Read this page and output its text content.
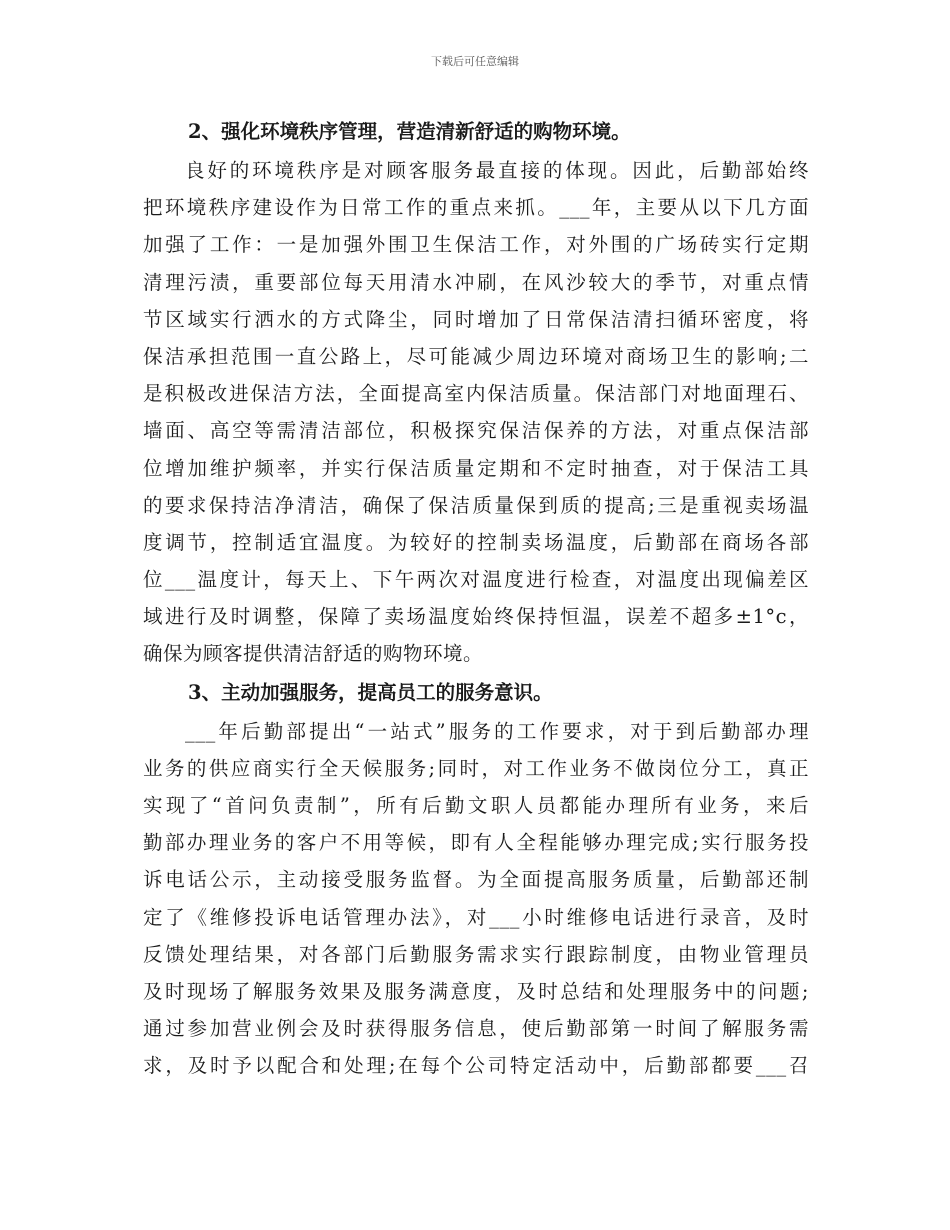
下载后可任意编辑

2、强化环境秩序管理，营造清新舒适的购物环境。

良好的环境秩序是对顾客服务最直接的体现。因此，后勤部始终

把环境秩序建设作为日常工作的重点来抓。___年，主要从以下几方面

加强了工作：一是加强外围卫生保洁工作，对外围的广场砖实行定期

清理污渍，重要部位每天用清水冲刷，在风沙较大的季节，对重点情

节区域实行洒水的方式降尘，同时增加了日常保洁清扫循环密度，将

保洁承担范围一直公路上，尽可能减少周边环境对商场卫生的影响;二

是积极改进保洁方法，全面提高室内保洁质量。保洁部门对地面理石、

墙面、高空等需清洁部位，积极探究保洁保养的方法，对重点保洁部

位增加维护频率，并实行保洁质量定期和不定时抽查，对于保洁工具

的要求保持洁净清洁，确保了保洁质量保到质的提高;三是重视卖场温

度调节，控制适宜温度。为较好的控制卖场温度，后勤部在商场各部

位___温度计，每天上、下午两次对温度进行检查，对温度出现偏差区

域进行及时调整，保障了卖场温度始终保持恒温，误差不超多±1°c，

确保为顾客提供清洁舒适的购物环境。

3、主动加强服务，提高员工的服务意识。

___年后勤部提出“一站式”服务的工作要求，对于到后勤部办理

业务的供应商实行全天候服务;同时，对工作业务不做岗位分工，真正

实现了“首问负责制”，所有后勤文职人员都能办理所有业务，来后

勤部办理业务的客户不用等候，即有人全程能够办理完成;实行服务投

诉电话公示，主动接受服务监督。为全面提高服务质量，后勤部还制

定了《维修投诉电话管理办法》，对___小时维修电话进行录音，及时

反馈处理结果，对各部门后勤服务需求实行跟踪制度，由物业管理员

及时现场了解服务效果及服务满意度，及时总结和处理服务中的问题;

通过参加营业例会及时获得服务信息，使后勤部第一时间了解服务需

求，及时予以配合和处理;在每个公司特定活动中，后勤部都要___召
